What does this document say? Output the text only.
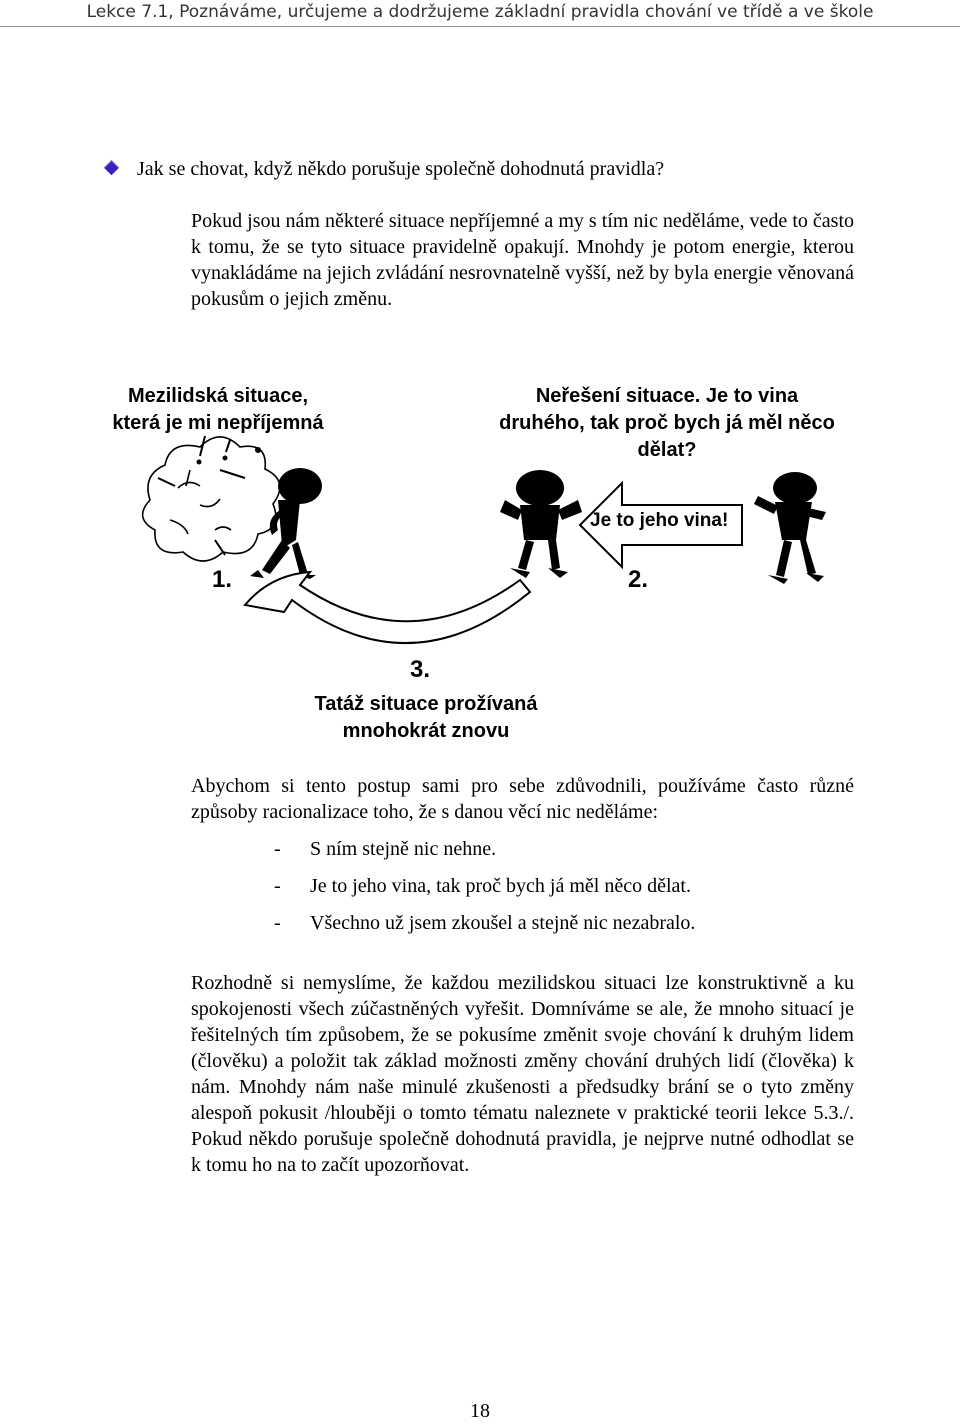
Lekce 7.1, Poznáváme, určujeme a dodržujeme základní pravidla chování ve třídě a ve škole
Jak se chovat, když někdo porušuje společně dohodnutá pravidla?

Pokud jsou nám některé situace nepříjemné a my s tím nic neděláme, vede to často k tomu, že se tyto situace pravidelně opakují. Mnohdy je potom energie, kterou vynakládáme na jejich zvládání nesrovnatelně vyšší, než by byla energie věnovaná pokusům o jejich změnu.

Mezilidská situace,
která je mi nepříjemná

Neřešení situace. Je to vina
druhého, tak proč bych já měl něco
dělat?

Je to jeho vina!
1.	2.
3.

Tatáž situace prožívaná
mnohokrát znovu

Abychom si tento postup sami pro sebe zdůvodnili, používáme často různé způsoby racionalizace toho, že s danou věcí nic neděláme:

- S ním stejně nic nehne.
- Je to jeho vina, tak proč bych já měl něco dělat.
- Všechno už jsem zkoušel a stejně nic nezabralo.

Rozhodně si nemyslíme, že každou mezilidskou situaci lze konstruktivně a ku spokojenosti všech zúčastněných vyřešit. Domníváme se ale, že mnoho situací je řešitelných tím způsobem, že se pokusíme změnit svoje chování k druhým lidem (člověku) a položit tak základ možnosti změny chování druhých lidí (člověka) k nám. Mnohdy nám naše minulé zkušenosti a předsudky brání se o tyto změny alespoň pokusit /hlouběji o tomto tématu naleznete v praktické teorii lekce 5.3./. Pokud někdo porušuje společně dohodnutá pravidla, je nejprve nutné odhodlat se k tomu ho na to začít upozorňovat.

18
